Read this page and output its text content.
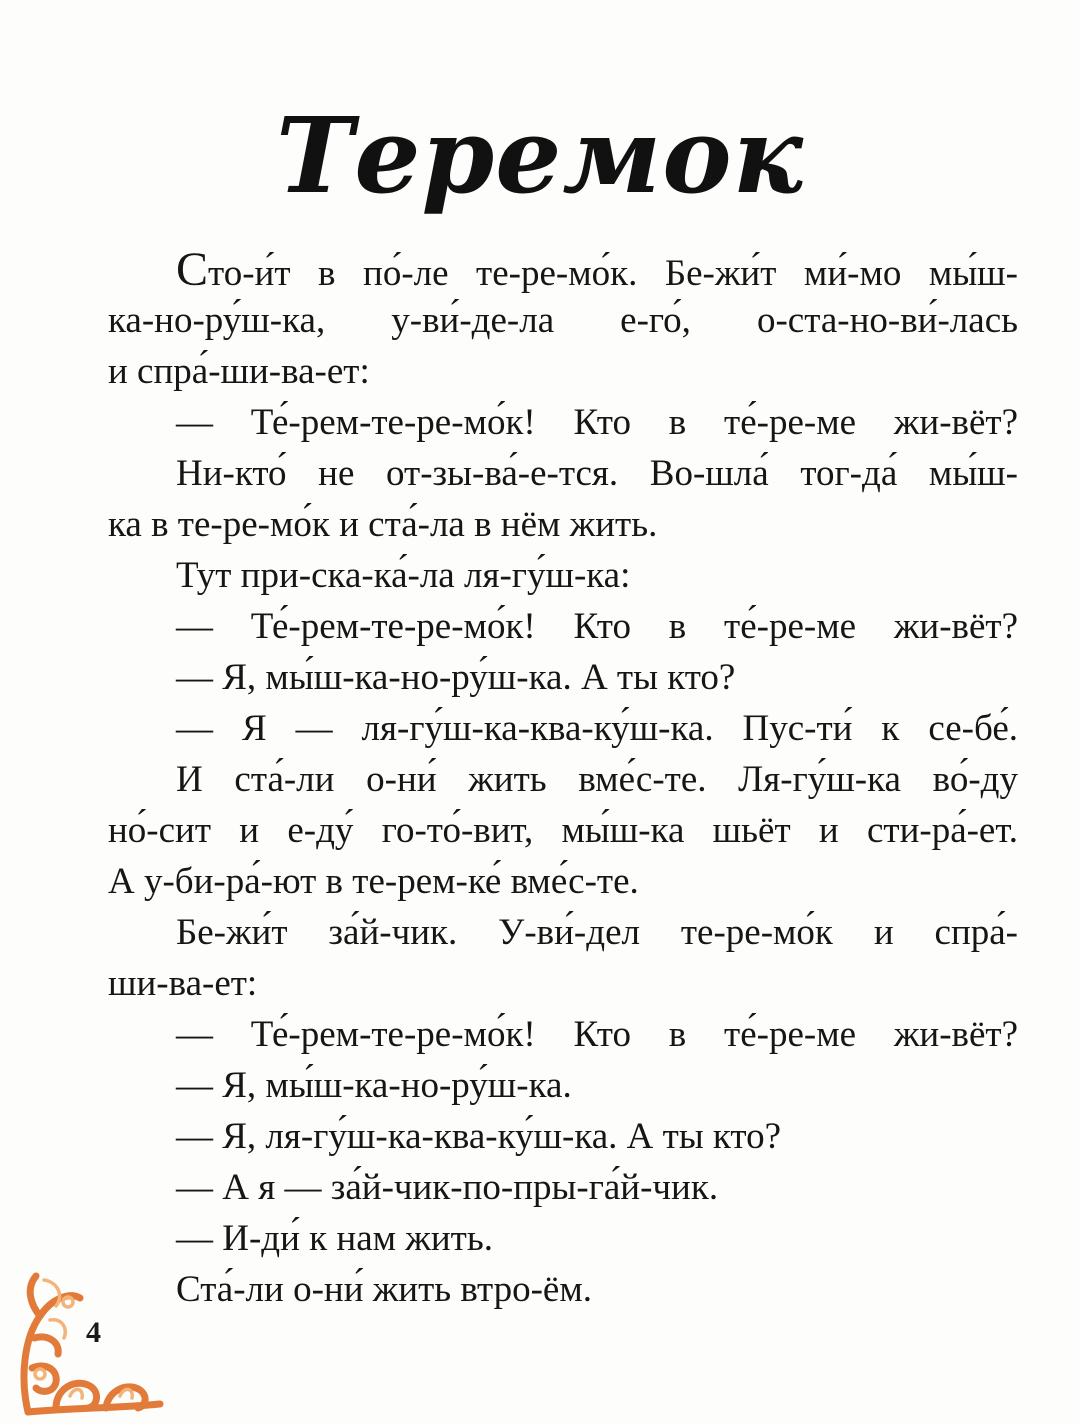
Теремок
Сто-и́т в по́-ле те-ре-мо́к. Бе-жи́т ми́-мо мы́ш-
ка-но-ру́ш-ка, у-ви́-де-ла е-го́, о-ста-но-ви́-лась
и спра́-ши-ва-ет:
— Те́-рем-те-ре-мо́к! Кто в те́-ре-ме жи-вёт?
Ни-кто́ не от-зы-ва́-е-тся. Во-шла́ тог-да́ мы́ш-
ка в те-ре-мо́к и ста́-ла в нём жить.
Тут при-ска-ка́-ла ля-гу́ш-ка:
— Те́-рем-те-ре-мо́к! Кто в те́-ре-ме жи-вёт?
— Я, мы́ш-ка-но-ру́ш-ка. А ты кто?
— Я — ля-гу́ш-ка-ква-ку́ш-ка. Пус-ти́ к се-бе́.
И ста́-ли о-ни́ жить вме́с-те. Ля-гу́ш-ка во́-ду
но́-сит и е-ду́ го-то́-вит, мы́ш-ка шьёт и сти-ра́-ет.
А у-би-ра́-ют в те-рем-ке́ вме́с-те.
Бе-жи́т за́й-чик. У-ви́-дел те-ре-мо́к и спра́-
ши-ва-ет:
— Те́-рем-те-ре-мо́к! Кто в те́-ре-ме жи-вёт?
— Я, мы́ш-ка-но-ру́ш-ка.
— Я, ля-гу́ш-ка-ква-ку́ш-ка. А ты кто?
— А я — за́й-чик-по-пры-га́й-чик.
— И-ди́ к нам жить.
Ста́-ли о-ни́ жить втро-ём.
4
